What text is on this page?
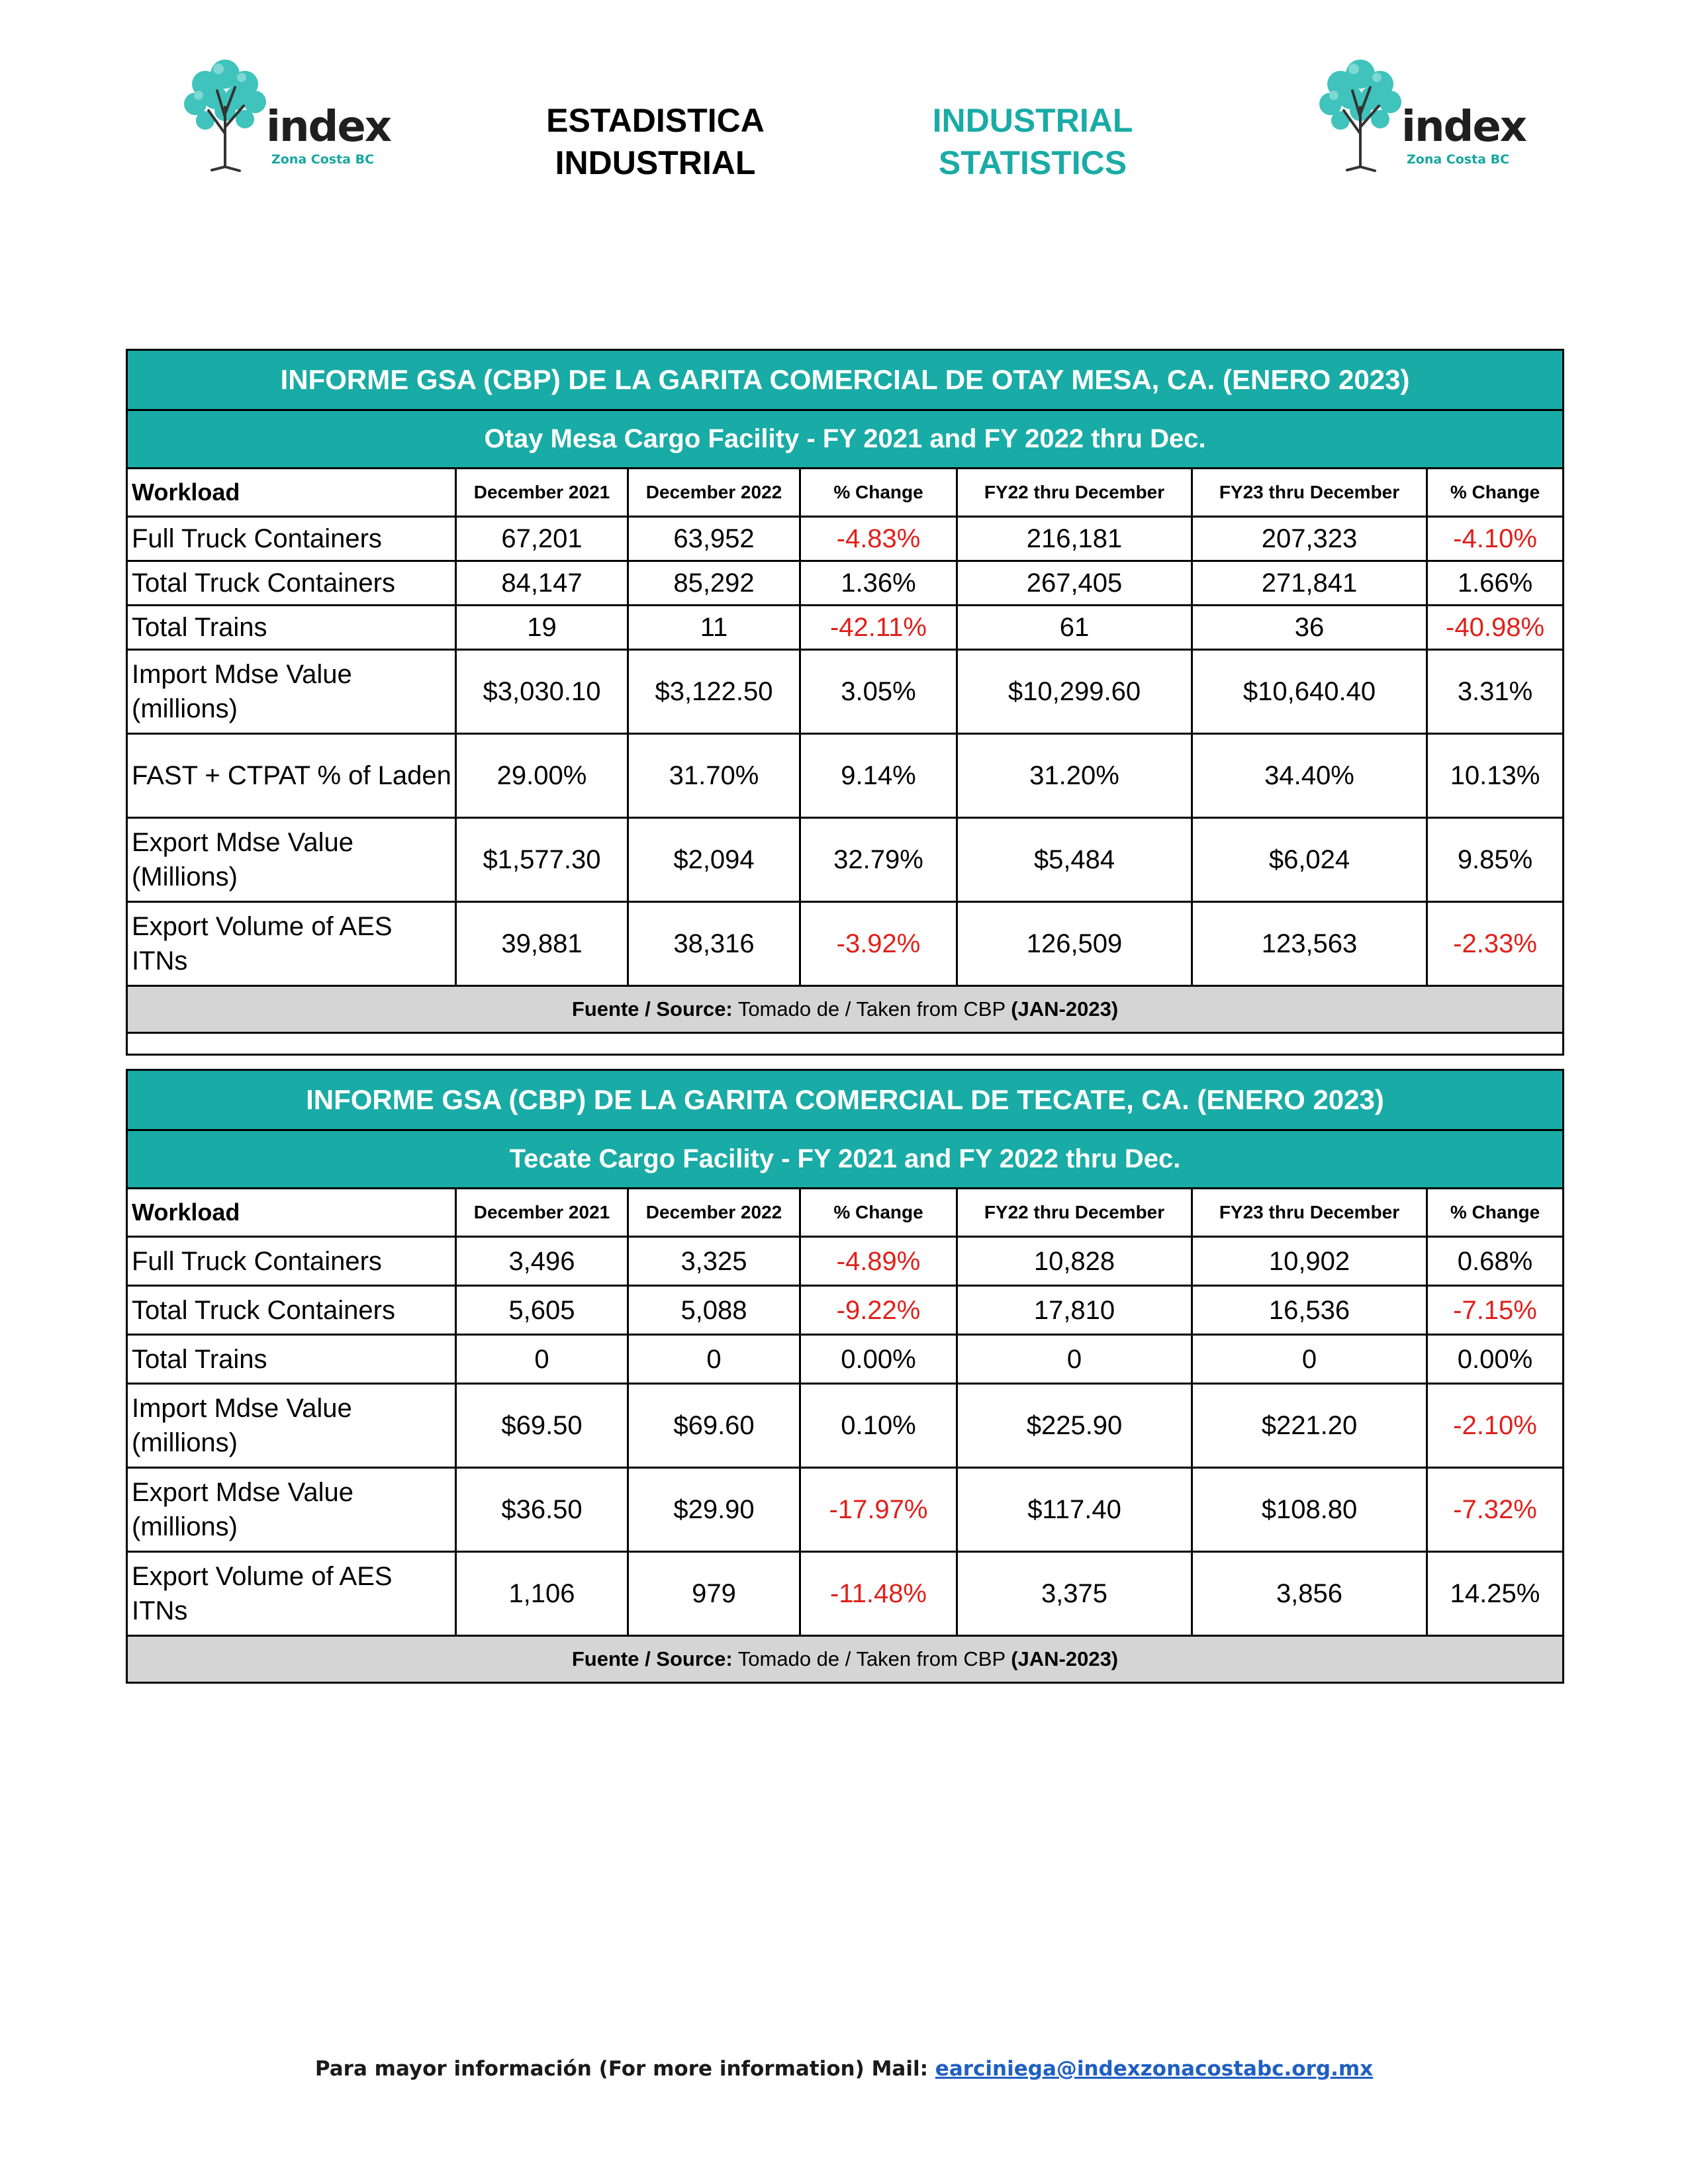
index
Zona Costa BC
ESTADISTICA
INDUSTRIAL
INDUSTRIAL
STATISTICS
index
Zona Costa BC
INFORME GSA (CBP) DE LA GARITA COMERCIAL DE OTAY MESA, CA. (ENERO 2023)						
Otay Mesa Cargo Facility - FY 2021 and FY 2022 thru Dec.						
Workload	December 2021	December 2022	% Change	FY22 thru December	FY23 thru December	% Change
Full Truck Containers	67,201	63,952	-4.83%	216,181	207,323	-4.10%
Total Truck Containers	84,147	85,292	1.36%	267,405	271,841	1.66%
Total Trains	19	11	-42.11%	61	36	-40.98%
Import Mdse Value (millions)	$3,030.10	$3,122.50	3.05%	$10,299.60	$10,640.40	3.31%
FAST + CTPAT % of Laden	29.00%	31.70%	9.14%	31.20%	34.40%	10.13%
Export Mdse Value (Millions)	$1,577.30	$2,094	32.79%	$5,484	$6,024	9.85%
Export Volume of AES ITNs	39,881	38,316	-3.92%	126,509	123,563	-2.33%
Fuente / Source: Tomado de / Taken from CBP (JAN-2023)						

INFORME GSA (CBP) DE LA GARITA COMERCIAL DE TECATE, CA. (ENERO 2023)						
Tecate Cargo Facility - FY 2021 and FY 2022 thru Dec.						
Workload	December 2021	December 2022	% Change	FY22 thru December	FY23 thru December	% Change
Full Truck Containers	3,496	3,325	-4.89%	10,828	10,902	0.68%
Total Truck Containers	5,605	5,088	-9.22%	17,810	16,536	-7.15%
Total Trains	0	0	0.00%	0	0	0.00%
Import Mdse Value (millions)	$69.50	$69.60	0.10%	$225.90	$221.20	-2.10%
Export Mdse Value (millions)	$36.50	$29.90	-17.97%	$117.40	$108.80	-7.32%
Export Volume of AES ITNs	1,106	979	-11.48%	3,375	3,856	14.25%
Fuente / Source: Tomado de / Taken from CBP (JAN-2023)						
Para mayor información (For more information) Mail: earciniega@indexzonacostabc.org.mx
